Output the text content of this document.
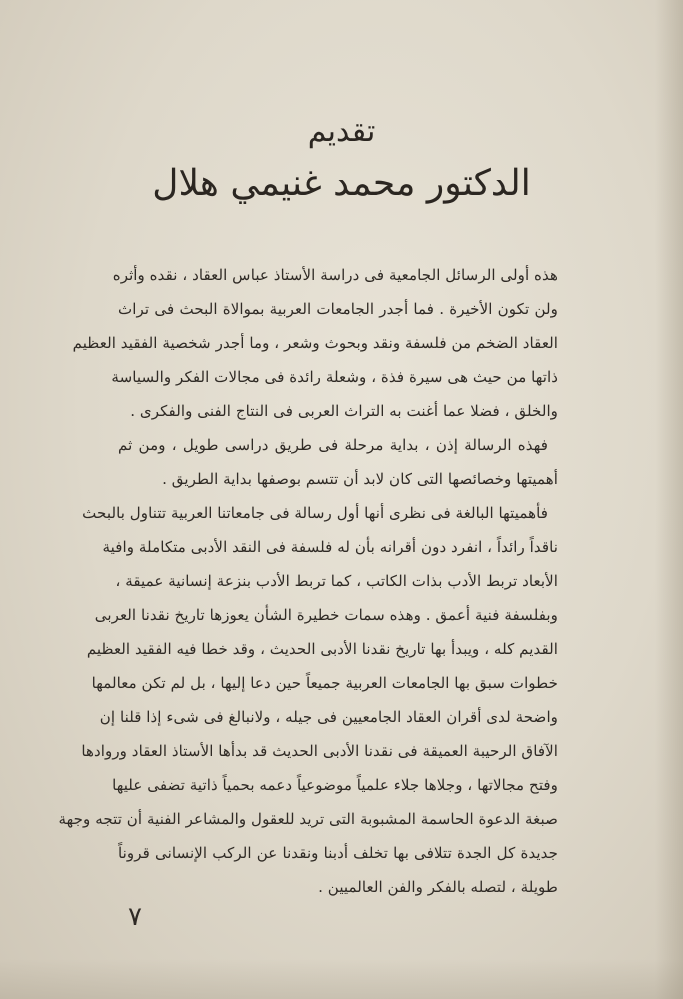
تقديم
الدكتور محمد غنيمي هلال
هذه أولى الرسائل الجامعية فى دراسة الأستاذ عباس العقاد ، نقده وأثره
ولن تكون الأخيرة . فما أجدر الجامعات العربية بموالاة البحث فى تراث
العقاد الضخم من فلسفة ونقد وبحوث وشعر ، وما أجدر شخصية الفقيد العظيم
ذاتها من حيث هى سيرة فذة ، وشعلة رائدة فى مجالات الفكر والسياسة
والخلق ، فضلا عما أغنت به التراث العربى فى النتاج الفنى والفكرى .
فهذه الرسالة إذن ، بداية مرحلة فى طريق دراسى طويل ، ومن ثم
أهميتها وخصائصها التى كان لابد أن تتسم بوصفها بداية الطريق .
فأهميتها البالغة فى نظرى أنها أول رسالة فى جامعاتنا العربية تتناول بالبحث
ناقداً رائداً ، انفرد دون أقرانه بأن له فلسفة فى النقد الأدبى متكاملة وافية
الأبعاد تربط الأدب بذات الكاتب ، كما تربط الأدب بنزعة إنسانية عميقة ،
وبفلسفة فنية أعمق . وهذه سمات خطيرة الشأن يعوزها تاريخ نقدنا العربى
القديم كله ، ويبدأ بها تاريخ نقدنا الأدبى الحديث ، وقد خطا فيه الفقيد العظيم
خطوات سبق بها الجامعات العربية جميعاً حين دعا إليها ، بل لم تكن معالمها
واضحة لدى أقران العقاد الجامعيين فى جيله ، ولانبالغ فى شىء إذا قلنا إن
الآفاق الرحيبة العميقة فى نقدنا الأدبى الحديث قد بدأها الأستاذ العقاد وروادها
وفتح مجالاتها ، وجلاها جلاء علمياً موضوعياً دعمه بحمياً ذاتية تضفى عليها
صبغة الدعوة الحاسمة المشبوبة التى تريد للعقول والمشاعر الفنية أن تتجه وجهة
جديدة كل الجدة تتلافى بها تخلف أدبنا ونقدنا عن الركب الإنسانى قروناً
طويلة ، لتصله بالفكر والفن العالميين .
٧
